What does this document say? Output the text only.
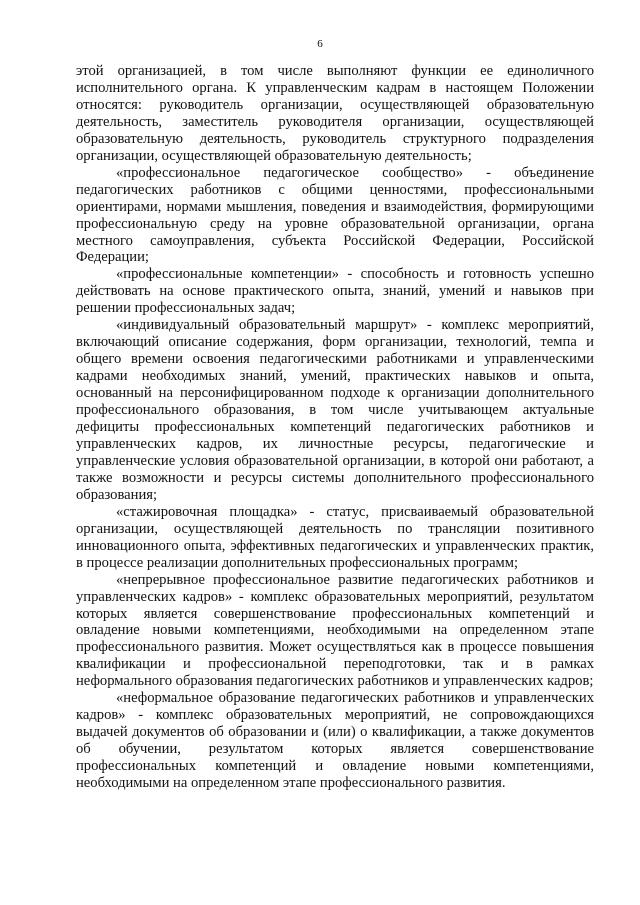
6

этой организацией, в том числе выполняют функции ее единоличного исполнительного органа. К управленческим кадрам в настоящем Положении относятся: руководитель организации, осуществляющей образовательную деятельность, заместитель руководителя организации, осуществляющей образовательную деятельность, руководитель структурного подразделения организации, осуществляющей образовательную деятельность;

«профессиональное педагогическое сообщество» - объединение педагогических работников с общими ценностями, профессиональными ориентирами, нормами мышления, поведения и взаимодействия, формирующими профессиональную среду на уровне образовательной организации, органа местного самоуправления, субъекта Российской Федерации, Российской Федерации;

«профессиональные компетенции» - способность и готовность успешно действовать на основе практического опыта, знаний, умений и навыков при решении профессиональных задач;

«индивидуальный образовательный маршрут» - комплекс мероприятий, включающий описание содержания, форм организации, технологий, темпа и общего времени освоения педагогическими работниками и управленческими кадрами необходимых знаний, умений, практических навыков и опыта, основанный на персонифицированном подходе к организации дополнительного профессионального образования, в том числе учитывающем актуальные дефициты профессиональных компетенций педагогических работников и управленческих кадров, их личностные ресурсы, педагогические и управленческие условия образовательной организации, в которой они работают, а также возможности и ресурсы системы дополнительного профессионального образования;

«стажировочная площадка» - статус, присваиваемый образовательной организации, осуществляющей деятельность по трансляции позитивного инновационного опыта, эффективных педагогических и управленческих практик, в процессе реализации дополнительных профессиональных программ;

«непрерывное профессиональное развитие педагогических работников и управленческих кадров» - комплекс образовательных мероприятий, результатом которых является совершенствование профессиональных компетенций и овладение новыми компетенциями, необходимыми на определенном этапе профессионального развития. Может осуществляться как в процессе повышения квалификации и профессиональной переподготовки, так и в рамках неформального образования педагогических работников и управленческих кадров;

«неформальное образование педагогических работников и управленческих кадров» - комплекс образовательных мероприятий, не сопровождающихся выдачей документов об образовании и (или) о квалификации, а также документов об обучении, результатом которых является совершенствование профессиональных компетенций и овладение новыми компетенциями, необходимыми на определенном этапе профессионального развития.
